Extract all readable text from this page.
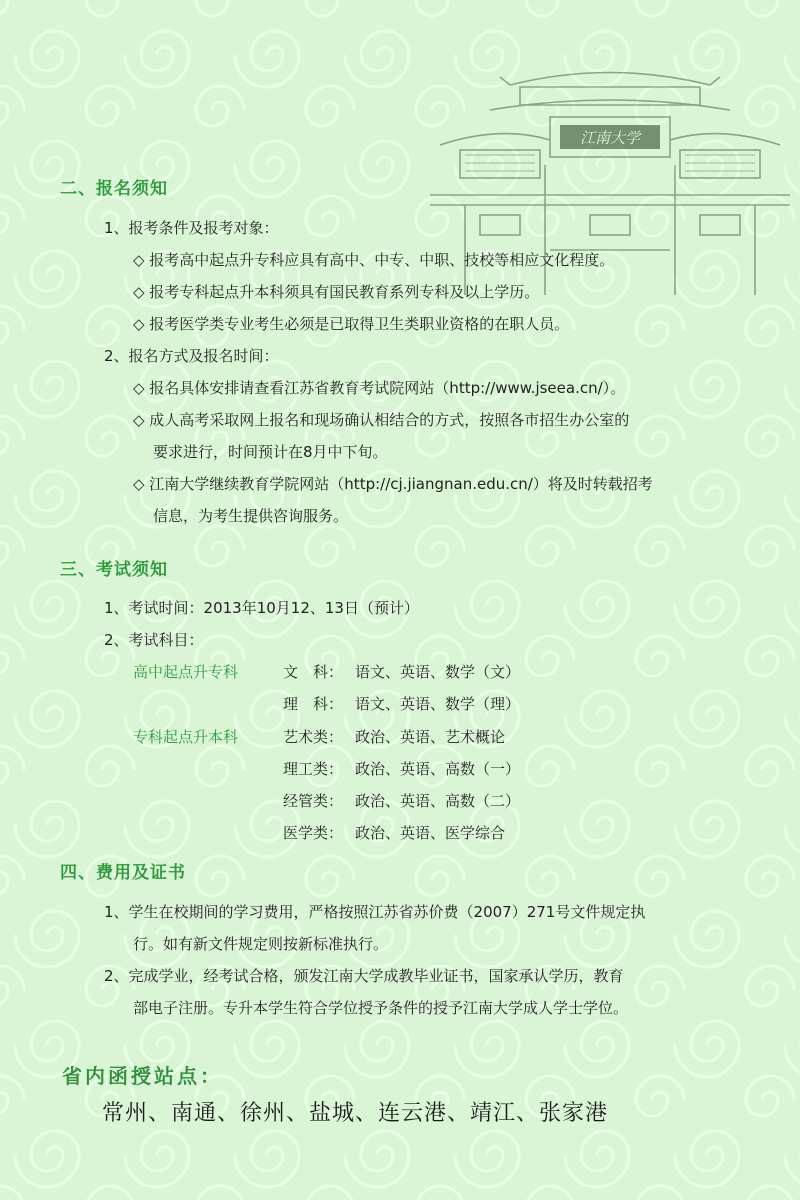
江南大学
二、报名须知
1、报考条件及报考对象：
◇ 报考高中起点升专科应具有高中、中专、中职、技校等相应文化程度。
◇ 报考专科起点升本科须具有国民教育系列专科及以上学历。
◇ 报考医学类专业考生必须是已取得卫生类职业资格的在职人员。
2、报名方式及报名时间：
◇ 报名具体安排请查看江苏省教育考试院网站（http://www.jseea.cn/）。
◇ 成人高考采取网上报名和现场确认相结合的方式，按照各市招生办公室的
要求进行，时间预计在8月中下旬。
◇ 江南大学继续教育学院网站（http://cj.jiangnan.edu.cn/）将及时转载招考
信息，为考生提供咨询服务。
三、考试须知
1、考试时间：2013年10月12、13日（预计）
2、考试科目：
高中起点升专科	文　科： 语文、英语、数学（文）
理　科： 语文、英语、数学（理）
专科起点升本科	艺术类： 政治、英语、艺术概论
理工类： 政治、英语、高数（一）
经管类： 政治、英语、高数（二）
医学类： 政治、英语、医学综合
四、费用及证书
1、学生在校期间的学习费用，严格按照江苏省苏价费（2007）271号文件规定执
行。如有新文件规定则按新标准执行。
2、完成学业，经考试合格，颁发江南大学成教毕业证书，国家承认学历，教育
部电子注册。专升本学生符合学位授予条件的授予江南大学成人学士学位。
省内函授站点：
常州、南通、徐州、盐城、连云港、靖江、张家港
